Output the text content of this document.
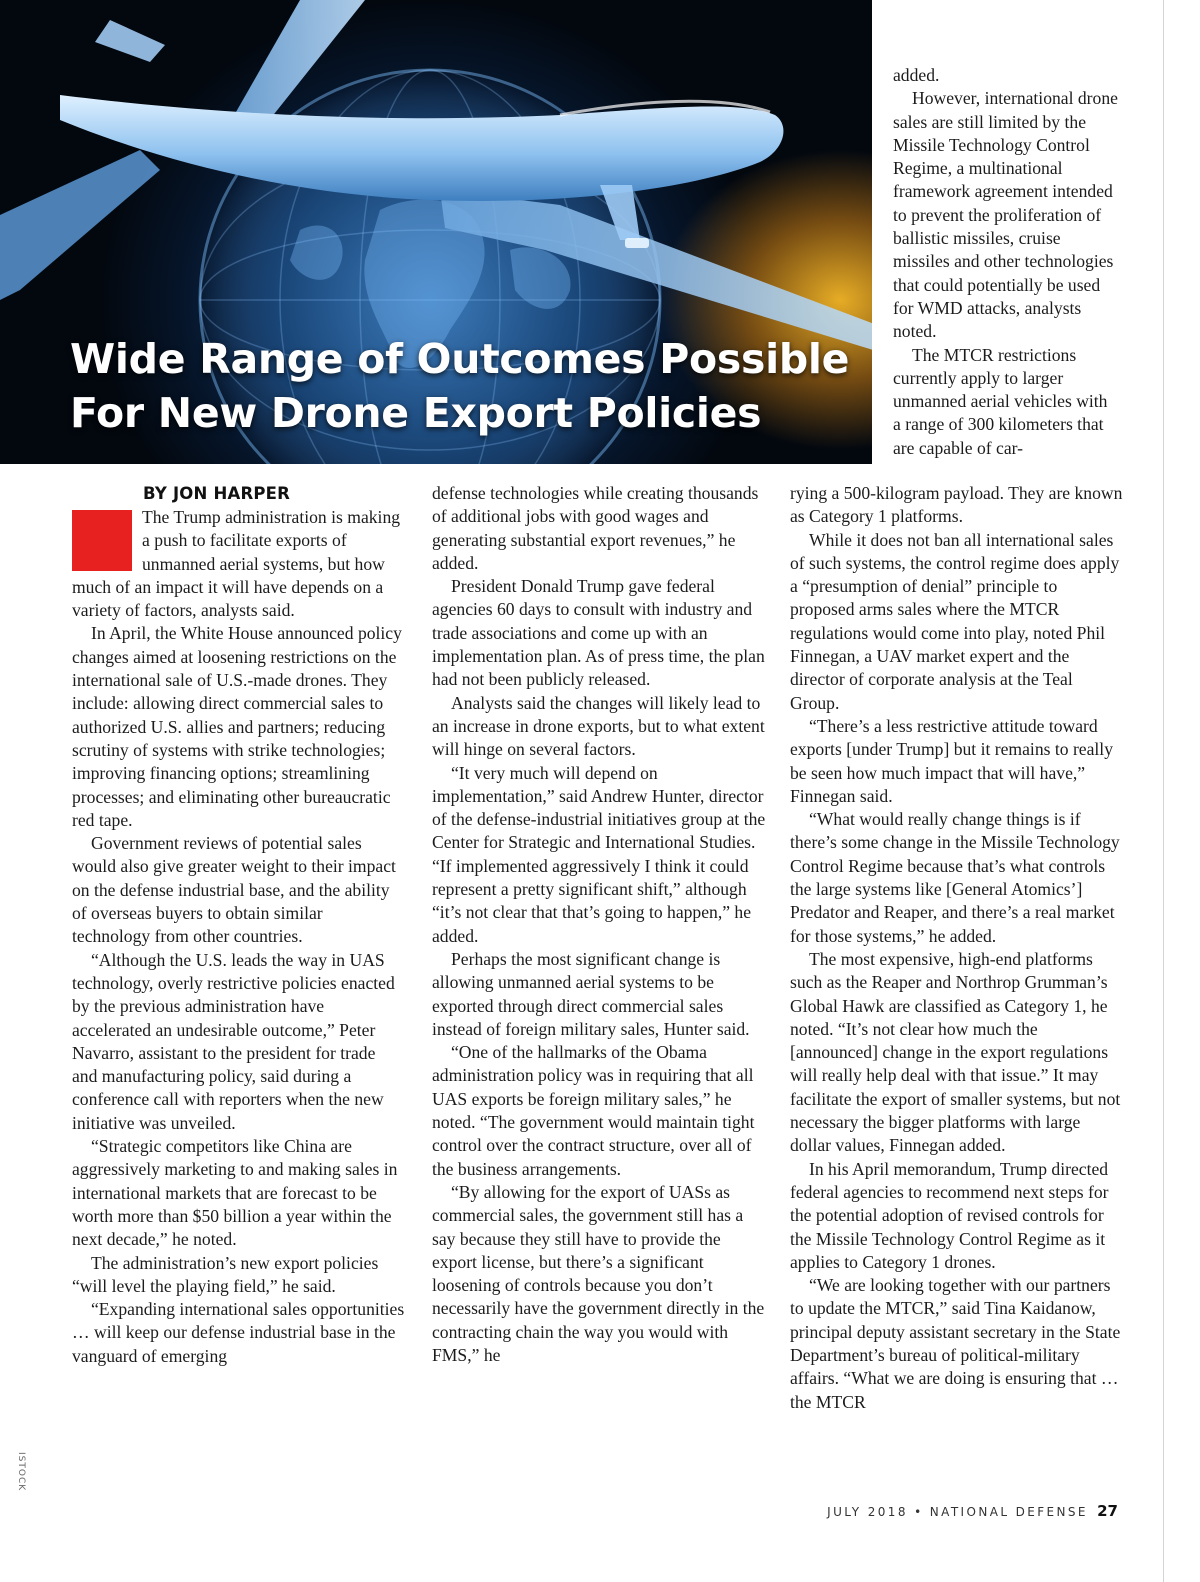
Wide Range of Outcomes Possible
For New Drone Export Policies

added.

However, international drone sales are still limited by the Missile Technology Control Regime, a multinational framework agreement intended to prevent the proliferation of ballistic missiles, cruise missiles and other technologies that could potentially be used for WMD attacks, analysts noted.

The MTCR restrictions currently apply to larger unmanned aerial vehicles with a range of 300 kilometers that are capable of car-

BY JON HARPER

The Trump administration is making a push to facilitate exports of unmanned aerial systems, but how much of an impact it will have depends on a variety of factors, analysts said.

In April, the White House announced policy changes aimed at loosening restrictions on the international sale of U.S.-made drones. They include: allowing direct commercial sales to authorized U.S. allies and partners; reducing scrutiny of systems with strike technologies; improving financing options; streamlining processes; and eliminating other bureaucratic red tape.

Government reviews of potential sales would also give greater weight to their impact on the defense industrial base, and the ability of overseas buyers to obtain similar technology from other countries.

“Although the U.S. leads the way in UAS technology, overly restrictive policies enacted by the previous administration have accelerated an undesirable outcome,” Peter Navarro, assistant to the president for trade and manufacturing policy, said during a conference call with reporters when the new initiative was unveiled.

“Strategic competitors like China are aggressively marketing to and making sales in international markets that are forecast to be worth more than $50 billion a year within the next decade,” he noted.

The administration’s new export policies “will level the playing field,” he said.

“Expanding international sales opportunities … will keep our defense industrial base in the vanguard of emerging

defense technologies while creating thousands of additional jobs with good wages and generating substantial export revenues,” he added.

President Donald Trump gave federal agencies 60 days to consult with industry and trade associations and come up with an implementation plan. As of press time, the plan had not been publicly released.

Analysts said the changes will likely lead to an increase in drone exports, but to what extent will hinge on several factors.

“It very much will depend on implementation,” said Andrew Hunter, director of the defense-industrial initiatives group at the Center for Strategic and International Studies. “If implemented aggressively I think it could represent a pretty significant shift,” although “it’s not clear that that’s going to happen,” he added.

Perhaps the most significant change is allowing unmanned aerial systems to be exported through direct commercial sales instead of foreign military sales, Hunter said.

“One of the hallmarks of the Obama administration policy was in requiring that all UAS exports be foreign military sales,” he noted. “The government would maintain tight control over the contract structure, over all of the business arrangements.

“By allowing for the export of UASs as commercial sales, the government still has a say because they still have to provide the export license, but there’s a significant loosening of controls because you don’t necessarily have the government directly in the contracting chain the way you would with FMS,” he

rying a 500-kilogram payload. They are known as Category 1 platforms.

While it does not ban all international sales of such systems, the control regime does apply a “presumption of denial” principle to proposed arms sales where the MTCR regulations would come into play, noted Phil Finnegan, a UAV market expert and the director of corporate analysis at the Teal Group.

“There’s a less restrictive attitude toward exports [under Trump] but it remains to really be seen how much impact that will have,” Finnegan said.

“What would really change things is if there’s some change in the Missile Technology Control Regime because that’s what controls the large systems like [General Atomics’] Predator and Reaper, and there’s a real market for those systems,” he added.

The most expensive, high-end platforms such as the Reaper and Northrop Grumman’s Global Hawk are classified as Category 1, he noted. “It’s not clear how much the [announced] change in the export regulations will really help deal with that issue.” It may facilitate the export of smaller systems, but not necessary the bigger platforms with large dollar values, Finnegan added.

In his April memorandum, Trump directed federal agencies to recommend next steps for the potential adoption of revised controls for the Missile Technology Control Regime as it applies to Category 1 drones.

“We are looking together with our partners to update the MTCR,” said Tina Kaidanow, principal deputy assistant secretary in the State Department’s bureau of political-military affairs. “What we are doing is ensuring that … the MTCR

ISTOCK
JULY 2018 • NATIONAL DEFENSE 27
